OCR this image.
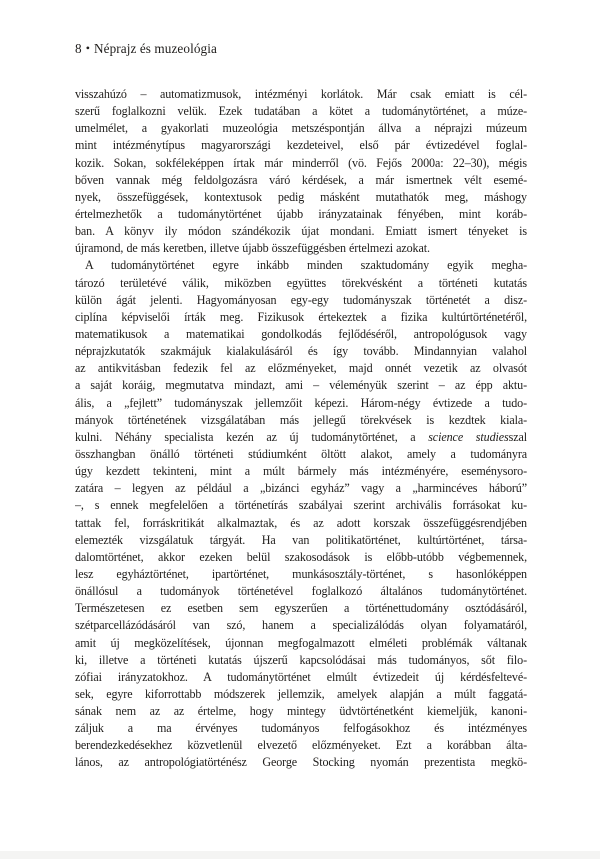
8 • Néprajz és muzeológia
visszahúzó – automatizmusok, intézményi korlátok. Már csak emiatt is cél-
szerű foglalkozni velük. Ezek tudatában a kötet a tudománytörténet, a múze-
umelmélet, a gyakorlati muzeológia metszéspontján állva a néprajzi múzeum
mint intézménytípus magyarországi kezdeteivel, első pár évtizedével foglal-
kozik. Sokan, sokféleképpen írtak már minderről (vö. Fejős 2000a: 22–30), mégis
bőven vannak még feldolgozásra váró kérdések, a már ismertnek vélt esemé-
nyek, összefüggések, kontextusok pedig másként mutathatók meg, máshogy
értelmezhetők a tudománytörténet újabb irányzatainak fényében, mint koráb-
ban. A könyv ily módon szándékozik újat mondani. Emiatt ismert tényeket is
újramond, de más keretben, illetve újabb összefüggésben értelmezi azokat.
A tudománytörténet egyre inkább minden szaktudomány egyik megha-
tározó területévé válik, miközben együttes törekvésként a történeti kutatás
külön ágát jelenti. Hagyományosan egy-egy tudományszak történetét a disz-
ciplína képviselői írták meg. Fizikusok értekeztek a fizika kultúrtörténetéről,
matematikusok a matematikai gondolkodás fejlődéséről, antropológusok vagy
néprajzkutatók szakmájuk kialakulásáról és így tovább. Mindannyian valahol
az antikvitásban fedezik fel az előzményeket, majd onnét vezetik az olvasót
a saját koráig, megmutatva mindazt, ami – véleményük szerint – az épp aktu-
ális, a „fejlett” tudományszak jellemzőit képezi. Három-négy évtizede a tudo-
mányok történetének vizsgálatában más jellegű törekvések is kezdtek kiala-
kulni. Néhány specialista kezén az új tudománytörténet, a science studiesszal
összhangban önálló történeti stúdiumként öltött alakot, amely a tudományra
úgy kezdett tekinteni, mint a múlt bármely más intézményére, eseménysoro-
zatára – legyen az például a „bizánci egyház” vagy a „harmincéves háború”
–, s ennek megfelelően a történetírás szabályai szerint archivális forrásokat ku-
tattak fel, forráskritikát alkalmaztak, és az adott korszak összefüggésrendjében
elemezték vizsgálatuk tárgyát. Ha van politikatörténet, kultúrtörténet, társa-
dalomtörténet, akkor ezeken belül szakosodások is előbb-utóbb végbemennek,
lesz egyháztörténet, ipartörténet, munkásosztály-történet, s hasonlóképpen
önállósul a tudományok történetével foglalkozó általános tudománytörténet.
Természetesen ez esetben sem egyszerűen a történettudomány osztódásáról,
szétparcellázódásáról van szó, hanem a specializálódás olyan folyamatáról,
amit új megközelítések, újonnan megfogalmazott elméleti problémák váltanak
ki, illetve a történeti kutatás újszerű kapcsolódásai más tudományos, sőt filo-
zófiai irányzatokhoz. A tudománytörténet elmúlt évtizedeit új kérdésfeltevé-
sek, egyre kiforrottabb módszerek jellemzik, amelyek alapján a múlt faggatá-
sának nem az az értelme, hogy mintegy üdvtörténetként kiemeljük, kanoni-
záljuk a ma érvényes tudományos felfogásokhoz és intézményes
berendezkedésekhez közvetlenül elvezető előzményeket. Ezt a korábban álta-
lános, az antropológiatörténész George Stocking nyomán prezentista megkö-
